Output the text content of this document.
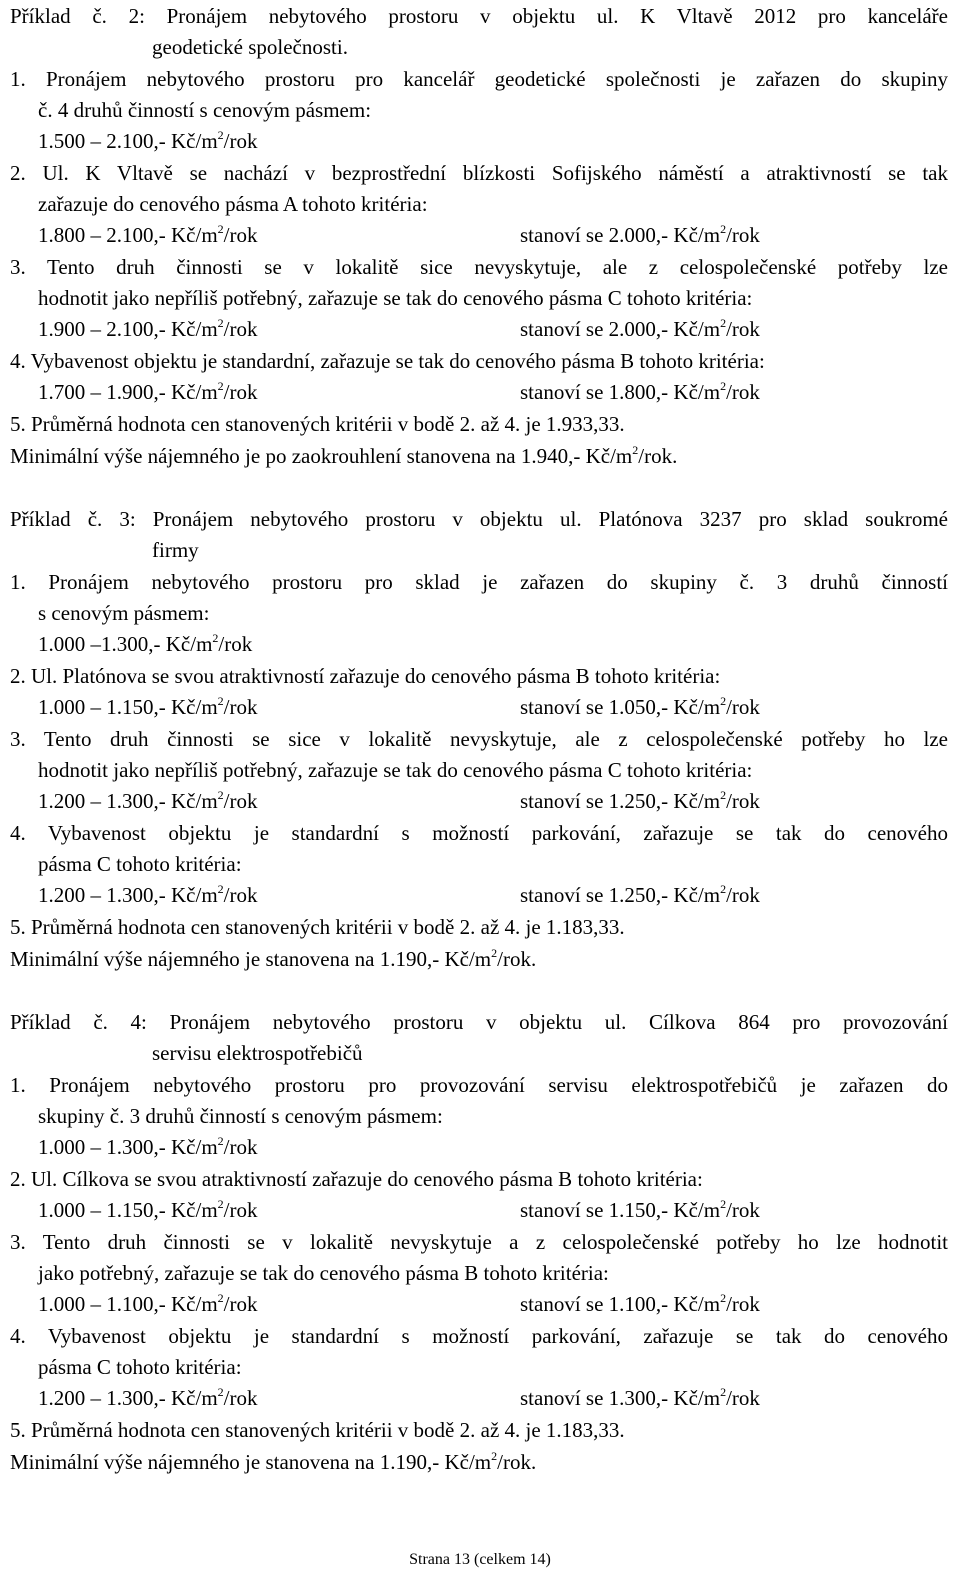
Příklad č. 2: Pronájem nebytového prostoru v objektu ul. K Vltavě 2012 pro kanceláře
geodetické společnosti.
1. Pronájem nebytového prostoru pro kancelář geodetické společnosti je zařazen do skupiny
č. 4 druhů činností s cenovým pásmem:
1.500 – 2.100,- $Kč/m^2$/rok
2. Ul. K Vltavě se nachází v bezprostřední blízkosti Sofijského náměstí a atraktivností se tak
zařazuje do cenového pásma A tohoto kritéria:
1.800 – 2.100,- $Kč/m^2$/rok	stanoví se 2.000,- $Kč/m^2$/rok
3. Tento druh činnosti se v lokalitě sice nevyskytuje, ale z celospolečenské potřeby lze
hodnotit jako nepříliš potřebný, zařazuje se tak do cenového pásma C tohoto kritéria:
1.900 – 2.100,- $Kč/m^2$/rok	stanoví se 2.000,- $Kč/m^2$/rok
4. Vybavenost objektu je standardní, zařazuje se tak do cenového pásma B tohoto kritéria:
1.700 – 1.900,- $Kč/m^2$/rok	stanoví se 1.800,- $Kč/m^2$/rok
5. Průměrná hodnota cen stanovených kritérii v bodě 2. až 4. je 1.933,33.
Minimální výše nájemného je po zaokrouhlení stanovena na 1.940,- $Kč/m^2$/rok.
Příklad č. 3: Pronájem nebytového prostoru v objektu ul. Platónova 3237 pro sklad soukromé
firmy
1. Pronájem nebytového prostoru pro sklad je zařazen do skupiny č. 3 druhů činností
s cenovým pásmem:
1.000 –1.300,- $Kč/m^2$/rok
2. Ul. Platónova se svou atraktivností zařazuje do cenového pásma B tohoto kritéria:
1.000 – 1.150,- $Kč/m^2$/rok	stanoví se 1.050,- $Kč/m^2$/rok
3. Tento druh činnosti se sice v lokalitě nevyskytuje, ale z celospolečenské potřeby ho lze
hodnotit jako nepříliš potřebný, zařazuje se tak do cenového pásma C tohoto kritéria:
1.200 – 1.300,- $Kč/m^2$/rok	stanoví se 1.250,- $Kč/m^2$/rok
4. Vybavenost objektu je standardní s možností parkování, zařazuje se tak do cenového
pásma C tohoto kritéria:
1.200 – 1.300,- $Kč/m^2$/rok	stanoví se 1.250,- $Kč/m^2$/rok
5. Průměrná hodnota cen stanovených kritérii v bodě 2. až 4. je 1.183,33.
Minimální výše nájemného je stanovena na 1.190,- $Kč/m^2$/rok.
Příklad č. 4: Pronájem nebytového prostoru v objektu ul. Cílkova 864 pro provozování
servisu elektrospotřebičů
1. Pronájem nebytového prostoru pro provozování servisu elektrospotřebičů je zařazen do
skupiny č. 3 druhů činností s cenovým pásmem:
1.000 – 1.300,- $Kč/m^2$/rok
2. Ul. Cílkova se svou atraktivností zařazuje do cenového pásma B tohoto kritéria:
1.000 – 1.150,- $Kč/m^2$/rok	stanoví se 1.150,- $Kč/m^2$/rok
3. Tento druh činnosti se v lokalitě nevyskytuje a z celospolečenské potřeby ho lze hodnotit
jako potřebný, zařazuje se tak do cenového pásma B tohoto kritéria:
1.000 – 1.100,- $Kč/m^2$/rok	stanoví se 1.100,- $Kč/m^2$/rok
4. Vybavenost objektu je standardní s možností parkování, zařazuje se tak do cenového
pásma C tohoto kritéria:
1.200 – 1.300,- $Kč/m^2$/rok	stanoví se 1.300,- $Kč/m^2$/rok
5. Průměrná hodnota cen stanovených kritérii v bodě 2. až 4. je 1.183,33.
Minimální výše nájemného je stanovena na 1.190,- $Kč/m^2$/rok.
Strana 13 (celkem 14)
